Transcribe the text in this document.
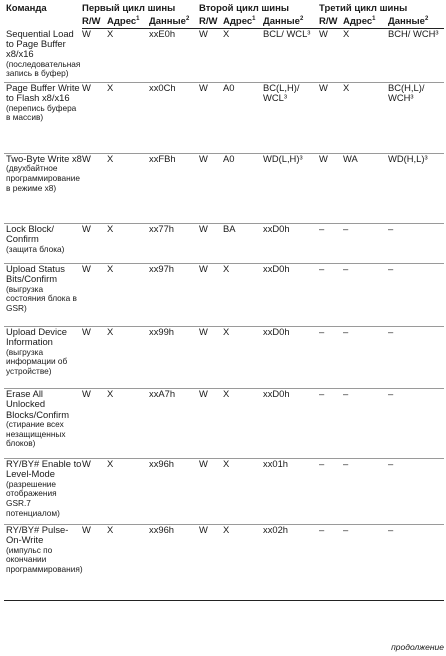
Команда	Первый цикл шины			Второй цикл шины			Третий цикл шины		
	R/W	Адрес$^1$	Данные$^2$	R/W	Адрес$^1$	Данные$^2$	R/W	Адрес$^1$	Данные$^2$

Sequential Load to Page Buffer x8/x16
(последовательная запись в буфер)	W	X	xxE0h	W	X	BCL/ WCL³	W	X	BCH/ WCH³

Page Buffer Write to Flash x8/x16
(перепись буфера в массив)	W	X	xx0Ch	W	A0	BC(L,H)/ WCL³	W	X	BC(H,L)/ WCH³

Two-Byte Write x8
(двухбайтное программирование в режиме x8)	W	X	xxFBh	W	A0	WD(L,H)³	W	WA	WD(H,L)³

Lock Block/ Confirm
(защита блока)	W	X	xx77h	W	BA	xxD0h	–	–	–

Upload Status Bits/Confirm
(выгрузка состояния блока в GSR)	W	X	xx97h	W	X	xxD0h	–	–	–

Upload Device Information
(выгрузка информации об устройстве)	W	X	xx99h	W	X	xxD0h	–	–	–

Erase All Unlocked Blocks/Confirm
(стирание всех незащищенных блоков)	W	X	xxA7h	W	X	xxD0h	–	–	–

RY/BY# Enable to Level-Mode
(разрешение отображения GSR.7 потенциалом)	W	X	xx96h	W	X	xx01h	–	–	–

RY/BY# Pulse-On-Write
(импульс по окончании программирования)	W	X	xx96h	W	X	xx02h	–	–	–
продолжение
